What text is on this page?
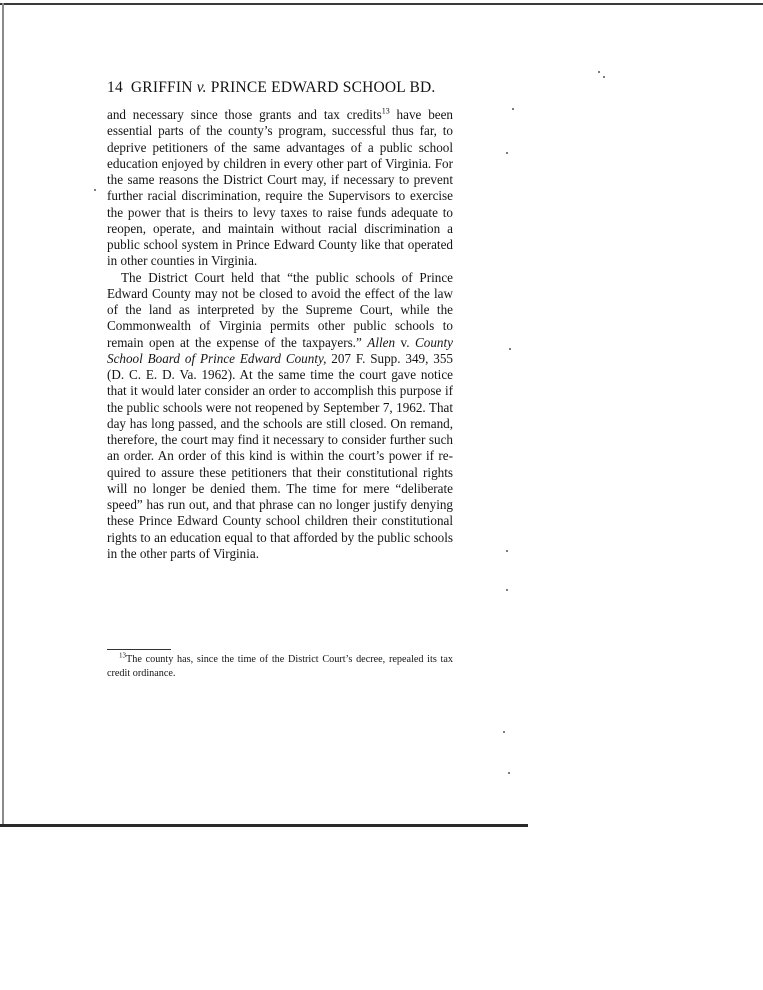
14 GRIFFIN v. PRINCE EDWARD SCHOOL BD.

and necessary since those grants and tax credits$^{13}$ have been essential parts of the county’s program, successful thus far, to deprive petitioners of the same advantages of a public school education enjoyed by children in every other part of Virginia. For the same reasons the District Court may, if necessary to prevent further racial discrimination, require the Supervisors to exercise the power that is theirs to levy taxes to raise funds adequate to reopen, operate, and maintain without racial discrimination a public school system in Prince Edward County like that operated in other counties in Virginia.

The District Court held that “the public schools of Prince Edward County may not be closed to avoid the effect of the law of the land as interpreted by the Supreme Court, while the Commonwealth of Virginia permits other public schools to remain open at the expense of the taxpayers.” Allen v. County School Board of Prince Edward County, 207 F. Supp. 349, 355 (D. C. E. D. Va. 1962). At the same time the court gave notice that it would later consider an order to accomplish this purpose if the public schools were not reopened by September 7, 1962. That day has long passed, and the schools are still closed. On remand, therefore, the court may find it necessary to consider further such an order. An order of this kind is within the court’s power if required to assure these petitioners that their constitutional rights will no longer be denied them. The time for mere “deliberate speed” has run out, and that phrase can no longer justify denying these Prince Edward County school children their constitutional rights to an education equal to that afforded by the public schools in the other parts of Virginia.

$^{13}$The county has, since the time of the District Court’s decree, repealed its tax credit ordinance.
